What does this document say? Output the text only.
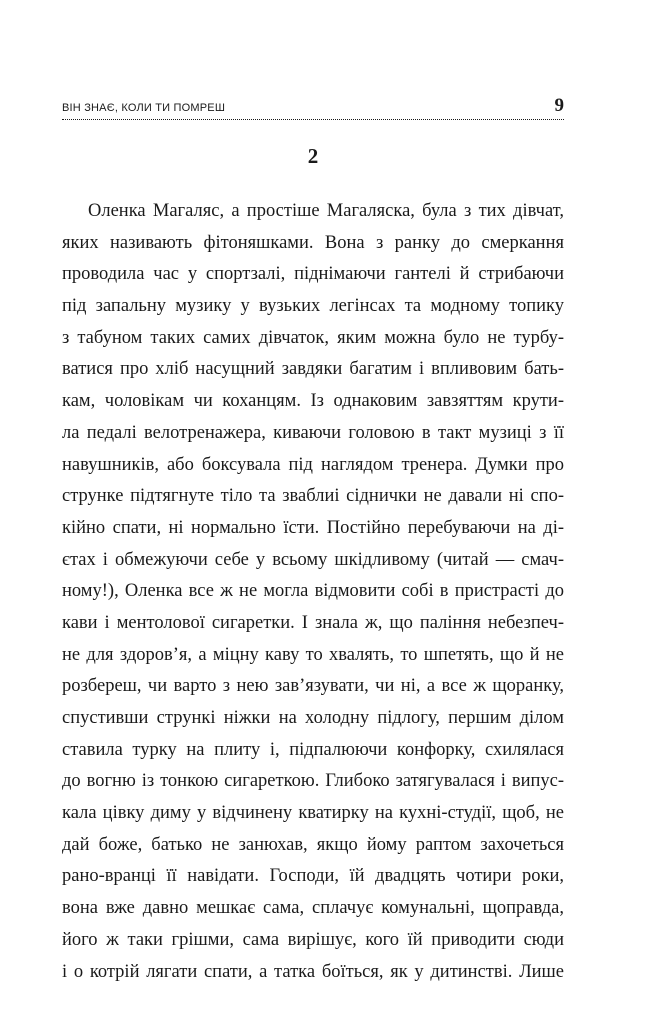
ВІН ЗНАЄ, КОЛИ ТИ ПОМРЕШ	9
2
Оленка Магаляс, а простіше Магаляска, була з тих дівчат,
яких називають фітоняшками. Вона з ранку до смеркання
проводила час у спортзалі, піднімаючи гантелі й стрибаючи
під запальну музику у вузьких легінсах та модному топику
з табуном таких самих дівчаток, яким можна було не турбу-
ватися про хліб насущний завдяки багатим і впливовим бать-
кам, чоловікам чи коханцям. Із однаковим завзяттям крути-
ла педалі велотренажера, киваючи головою в такт музиці з її
навушників, або боксувала під наглядом тренера. Думки про
струнке підтягнуте тіло та зваблиі сіднички не давали ні спо-
кійно спати, ні нормально їсти. Постійно перебуваючи на ді-
єтах і обмежуючи себе у всьому шкідливому (читай — смач-
ному!), Оленка все ж не могла відмовити собі в пристрасті до
кави і ментолової сигаретки. І знала ж, що паління небезпеч-
не для здоров’я, а міцну каву то хвалять, то шпетять, що й не
розбереш, чи варто з нею зав’язувати, чи ні, а все ж щоранку,
спустивши стрункі ніжки на холодну підлогу, першим ділом
ставила турку на плиту і, підпалюючи конфорку, схилялася
до вогню із тонкою сигареткою. Глибоко затягувалася і випус-
кала цівку диму у відчинену кватирку на кухні-студії, щоб, не
дай боже, батько не занюхав, якщо йому раптом захочеться
рано-вранці її навідати. Господи, їй двадцять чотири роки,
вона вже давно мешкає сама, сплачує комунальні, щоправда,
його ж таки грішми, сама вирішує, кого їй приводити сюди
і о котрій лягати спати, а татка боїться, як у дитинстві. Лише
